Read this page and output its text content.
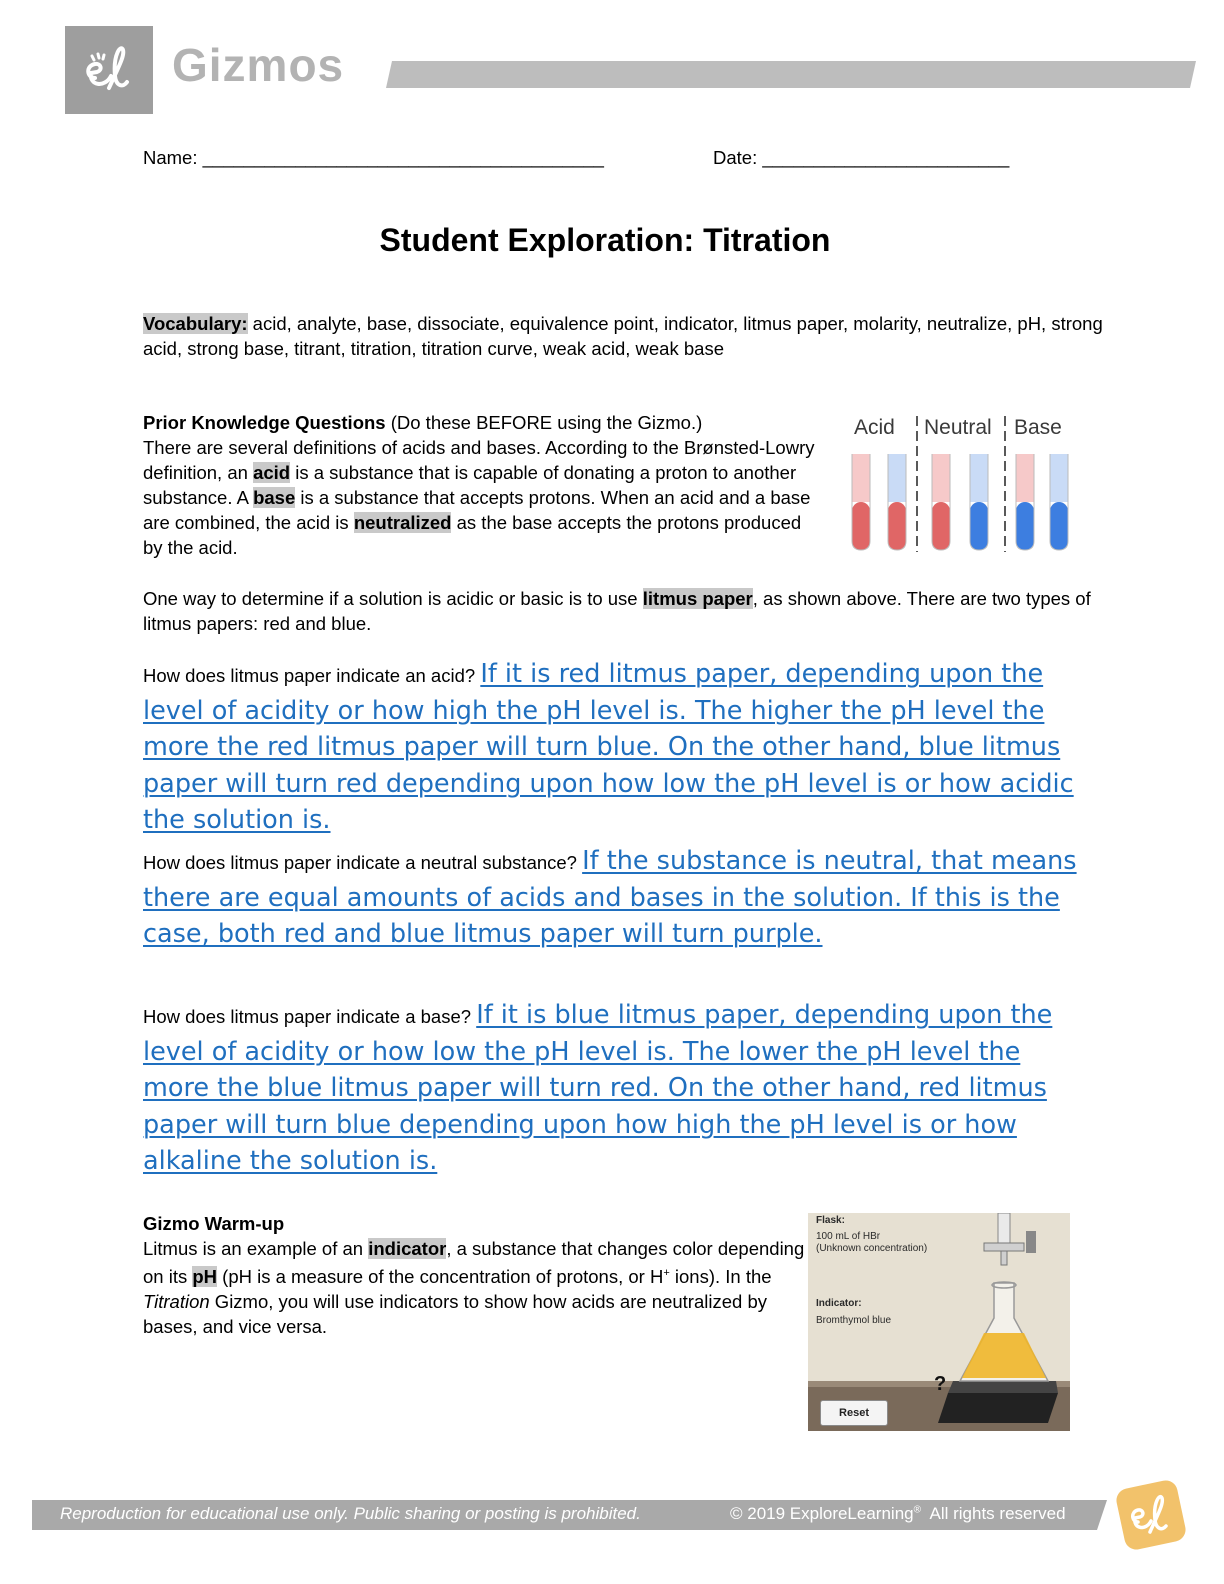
Gizmos
Name: _______________________________________	Date: ________________________
Student Exploration: Titration
Vocabulary: acid, analyte, base, dissociate, equivalence point, indicator, litmus paper, molarity, neutralize, pH, strong acid, strong base, titrant, titration, titration curve, weak acid, weak base
Prior Knowledge Questions (Do these BEFORE using the Gizmo.)
There are several definitions of acids and bases. According to the Brønsted-Lowry definition, an acid is a substance that is capable of donating a proton to another substance. A base is a substance that accepts protons. When an acid and a base are combined, the acid is neutralized as the base accepts the protons produced by the acid.
Acid Neutral Base
One way to determine if a solution is acidic or basic is to use litmus paper, as shown above. There are two types of litmus papers: red and blue.
How does litmus paper indicate an acid? If it is red litmus paper, depending upon the level of acidity or how high the pH level is. The higher the pH level the more the red litmus paper will turn blue. On the other hand, blue litmus paper will turn red depending upon how low the pH level is or how acidic the solution is.
How does litmus paper indicate a neutral substance? If the substance is neutral, that means there are equal amounts of acids and bases in the solution. If this is the case, both red and blue litmus paper will turn purple.
How does litmus paper indicate a base? If it is blue litmus paper, depending upon the level of acidity or how low the pH level is. The lower the pH level the more the blue litmus paper will turn red. On the other hand, red litmus paper will turn blue depending upon how high the pH level is or how alkaline the solution is.
Gizmo Warm-up
Litmus is an example of an indicator, a substance that changes color depending on its pH (pH is a measure of the concentration of protons, or H+ ions). In the Titration Gizmo, you will use indicators to show how acids are neutralized by bases, and vice versa.
Flask:
100 mL of HBr
(Unknown concentration)
Indicator:
Bromthymol blue
?
Reset
Reproduction for educational use only. Public sharing or posting is prohibited.	© 2019 ExploreLearning®  All rights reserved
